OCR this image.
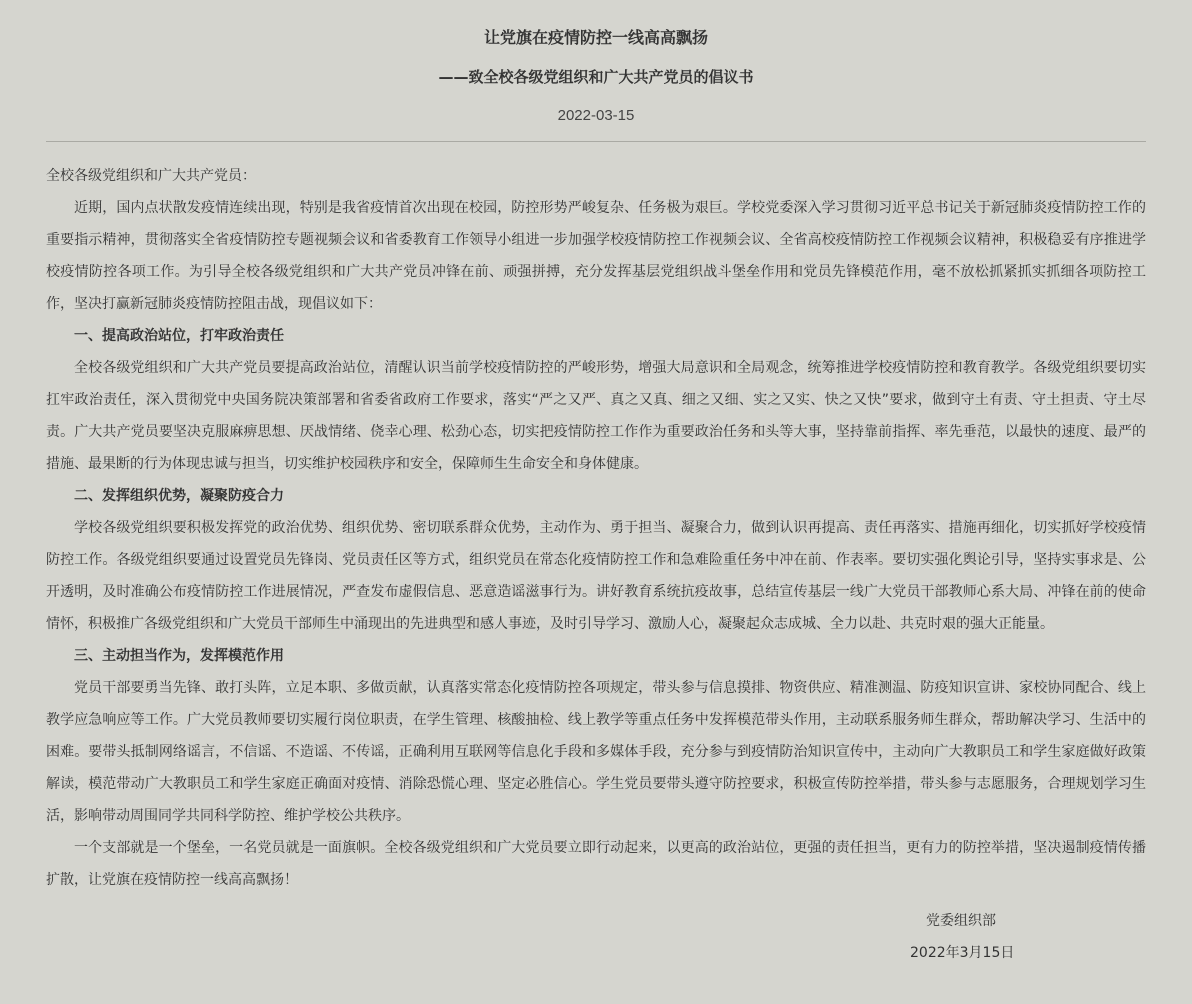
让党旗在疫情防控一线高高飘扬
——致全校各级党组织和广大共产党员的倡议书
2022-03-15

全校各级党组织和广大共产党员：

近期，国内点状散发疫情连续出现，特别是我省疫情首次出现在校园，防控形势严峻复杂、任务极为艰巨。学校党委深入学习贯彻习近平总书记关于新冠肺炎疫情防控工作的重要指示精神，贯彻落实全省疫情防控专题视频会议和省委教育工作领导小组进一步加强学校疫情防控工作视频会议、全省高校疫情防控工作视频会议精神，积极稳妥有序推进学校疫情防控各项工作。为引导全校各级党组织和广大共产党员冲锋在前、顽强拼搏，充分发挥基层党组织战斗堡垒作用和党员先锋模范作用，毫不放松抓紧抓实抓细各项防控工作，坚决打赢新冠肺炎疫情防控阻击战，现倡议如下：

一、提高政治站位，打牢政治责任

全校各级党组织和广大共产党员要提高政治站位，清醒认识当前学校疫情防控的严峻形势，增强大局意识和全局观念，统筹推进学校疫情防控和教育教学。各级党组织要切实扛牢政治责任，深入贯彻党中央国务院决策部署和省委省政府工作要求，落实“严之又严、真之又真、细之又细、实之又实、快之又快”要求，做到守土有责、守土担责、守土尽责。广大共产党员要坚决克服麻痹思想、厌战情绪、侥幸心理、松劲心态，切实把疫情防控工作作为重要政治任务和头等大事，坚持靠前指挥、率先垂范，以最快的速度、最严的措施、最果断的行为体现忠诚与担当，切实维护校园秩序和安全，保障师生生命安全和身体健康。

二、发挥组织优势，凝聚防疫合力

学校各级党组织要积极发挥党的政治优势、组织优势、密切联系群众优势，主动作为、勇于担当、凝聚合力，做到认识再提高、责任再落实、措施再细化，切实抓好学校疫情防控工作。各级党组织要通过设置党员先锋岗、党员责任区等方式，组织党员在常态化疫情防控工作和急难险重任务中冲在前、作表率。要切实强化舆论引导，坚持实事求是、公开透明，及时准确公布疫情防控工作进展情况，严查发布虚假信息、恶意造谣滋事行为。讲好教育系统抗疫故事，总结宣传基层一线广大党员干部教师心系大局、冲锋在前的使命情怀，积极推广各级党组织和广大党员干部师生中涌现出的先进典型和感人事迹，及时引导学习、激励人心，凝聚起众志成城、全力以赴、共克时艰的强大正能量。

三、主动担当作为，发挥模范作用

党员干部要勇当先锋、敢打头阵，立足本职、多做贡献，认真落实常态化疫情防控各项规定，带头参与信息摸排、物资供应、精准测温、防疫知识宣讲、家校协同配合、线上教学应急响应等工作。广大党员教师要切实履行岗位职责，在学生管理、核酸抽检、线上教学等重点任务中发挥模范带头作用，主动联系服务师生群众，帮助解决学习、生活中的困难。要带头抵制网络谣言，不信谣、不造谣、不传谣，正确利用互联网等信息化手段和多媒体手段，充分参与到疫情防治知识宣传中，主动向广大教职员工和学生家庭做好政策解读，模范带动广大教职员工和学生家庭正确面对疫情、消除恐慌心理、坚定必胜信心。学生党员要带头遵守防控要求，积极宣传防控举措，带头参与志愿服务，合理规划学习生活，影响带动周围同学共同科学防控、维护学校公共秩序。

一个支部就是一个堡垒，一名党员就是一面旗帜。全校各级党组织和广大党员要立即行动起来，以更高的政治站位，更强的责任担当，更有力的防控举措，坚决遏制疫情传播扩散，让党旗在疫情防控一线高高飘扬！

党委组织部
2022年3月15日
